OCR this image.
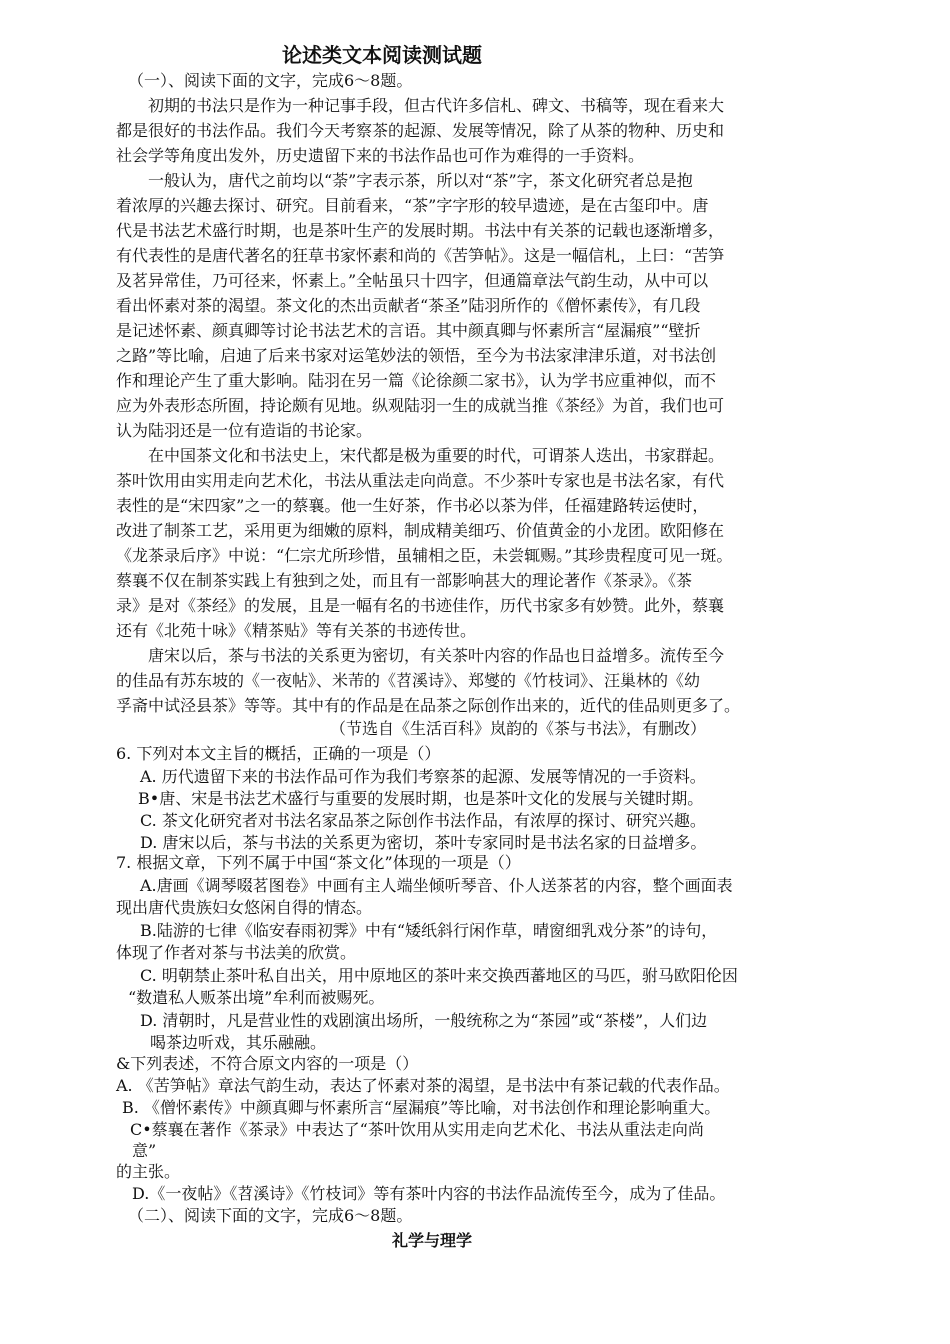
论述类文本阅读测试题
（一）、阅读下面的文字，完成6～8题。
初期的书法只是作为一种记事手段，但古代许多信札、碑文、书稿等，现在看来大
都是很好的书法作品。我们今天考察茶的起源、发展等情况，除了从茶的物种、历史和
社会学等角度出发外，历史遗留下来的书法作品也可作为难得的一手资料。
一般认为，唐代之前均以“荼”字表示茶，所以对“茶”字，茶文化研究者总是抱
着浓厚的兴趣去探讨、研究。目前看来，“茶”字字形的较早遗迹，是在古玺印中。唐
代是书法艺术盛行时期，也是茶叶生产的发展时期。书法中有关茶的记载也逐渐增多，
有代表性的是唐代著名的狂草书家怀素和尚的《苦笋帖》。这是一幅信札，上曰：“苦笋
及茗异常佳，乃可径来，怀素上。”全帖虽只十四字，但通篇章法气韵生动，从中可以
看出怀素对茶的渴望。茶文化的杰出贡献者“茶圣”陆羽所作的《僧怀素传》，有几段
是记述怀素、颜真卿等讨论书法艺术的言语。其中颜真卿与怀素所言“屋漏痕”“壁折
之路”等比喻，启迪了后来书家对运笔妙法的领悟，至今为书法家津津乐道，对书法创
作和理论产生了重大影响。陆羽在另一篇《论徐颜二家书》，认为学书应重神似，而不
应为外表形态所囿，持论颇有见地。纵观陆羽一生的成就当推《茶经》为首，我们也可
认为陆羽还是一位有造诣的书论家。
在中国茶文化和书法史上，宋代都是极为重要的时代，可谓茶人迭出，书家群起。
茶叶饮用由实用走向艺术化，书法从重法走向尚意。不少茶叶专家也是书法名家，有代
表性的是“宋四家”之一的蔡襄。他一生好茶，作书必以茶为伴，任福建路转运使时，
改进了制茶工艺，采用更为细嫩的原料，制成精美细巧、价值黄金的小龙团。欧阳修在
《龙茶录后序》中说：“仁宗尤所珍惜，虽辅相之臣，未尝辄赐。”其珍贵程度可见一斑。
蔡襄不仅在制茶实践上有独到之处，而且有一部影响甚大的理论著作《茶录》。《茶
录》是对《茶经》的发展，且是一幅有名的书迹佳作，历代书家多有妙赞。此外，蔡襄
还有《北苑十咏》《精茶贴》等有关茶的书迹传世。
唐宋以后，茶与书法的关系更为密切，有关茶叶内容的作品也日益增多。流传至今
的佳品有苏东坡的《一夜帖》、米芾的《苕溪诗》、郑燮的《竹枝词》、汪巢林的《幼
孚斋中试泾县茶》等等。其中有的作品是在品茶之际创作出来的，近代的佳品则更多了。
（节选自《生活百科》岚韵的《茶与书法》，有删改）
6. 下列对本文主旨的概括，正确的一项是（）
A. 历代遗留下来的书法作品可作为我们考察茶的起源、发展等情况的一手资料。
B•唐、宋是书法艺术盛行与重要的发展时期，也是茶叶文化的发展与关键时期。
C. 茶文化研究者对书法名家品茶之际创作书法作品，有浓厚的探讨、研究兴趣。
D. 唐宋以后，茶与书法的关系更为密切，茶叶专家同时是书法名家的日益增多。
7. 根据文章，下列不属于中国“茶文化”体现的一项是（）
A.唐画《调琴啜茗图卷》中画有主人端坐倾听琴音、仆人送茶茗的内容，整个画面表
现出唐代贵族妇女悠闲自得的情态。
B.陆游的七律《临安春雨初霁》中有“矮纸斜行闲作草，晴窗细乳戏分茶”的诗句，
体现了作者对茶与书法美的欣赏。
C. 明朝禁止茶叶私自出关，用中原地区的茶叶来交换西蕃地区的马匹，驸马欧阳伦因
“数遣私人贩茶出境”牟利而被赐死。
D. 清朝时，凡是营业性的戏剧演出场所，一般统称之为“茶园”或“茶楼”，人们边
喝茶边听戏，其乐融融。
&下列表述，不符合原文内容的一项是（）
A. 《苦笋帖》章法气韵生动，表达了怀素对茶的渴望，是书法中有茶记载的代表作品。
B. 《僧怀素传》中颜真卿与怀素所言“屋漏痕”等比喻，对书法创作和理论影响重大。
C•蔡襄在著作《茶录》中表达了“茶叶饮用从实用走向艺术化、书法从重法走向尚
意”
的主张。
D.《一夜帖》《苕溪诗》《竹枝词》等有茶叶内容的书法作品流传至今，成为了佳品。
（二）、阅读下面的文字，完成6～8题。
礼学与理学
